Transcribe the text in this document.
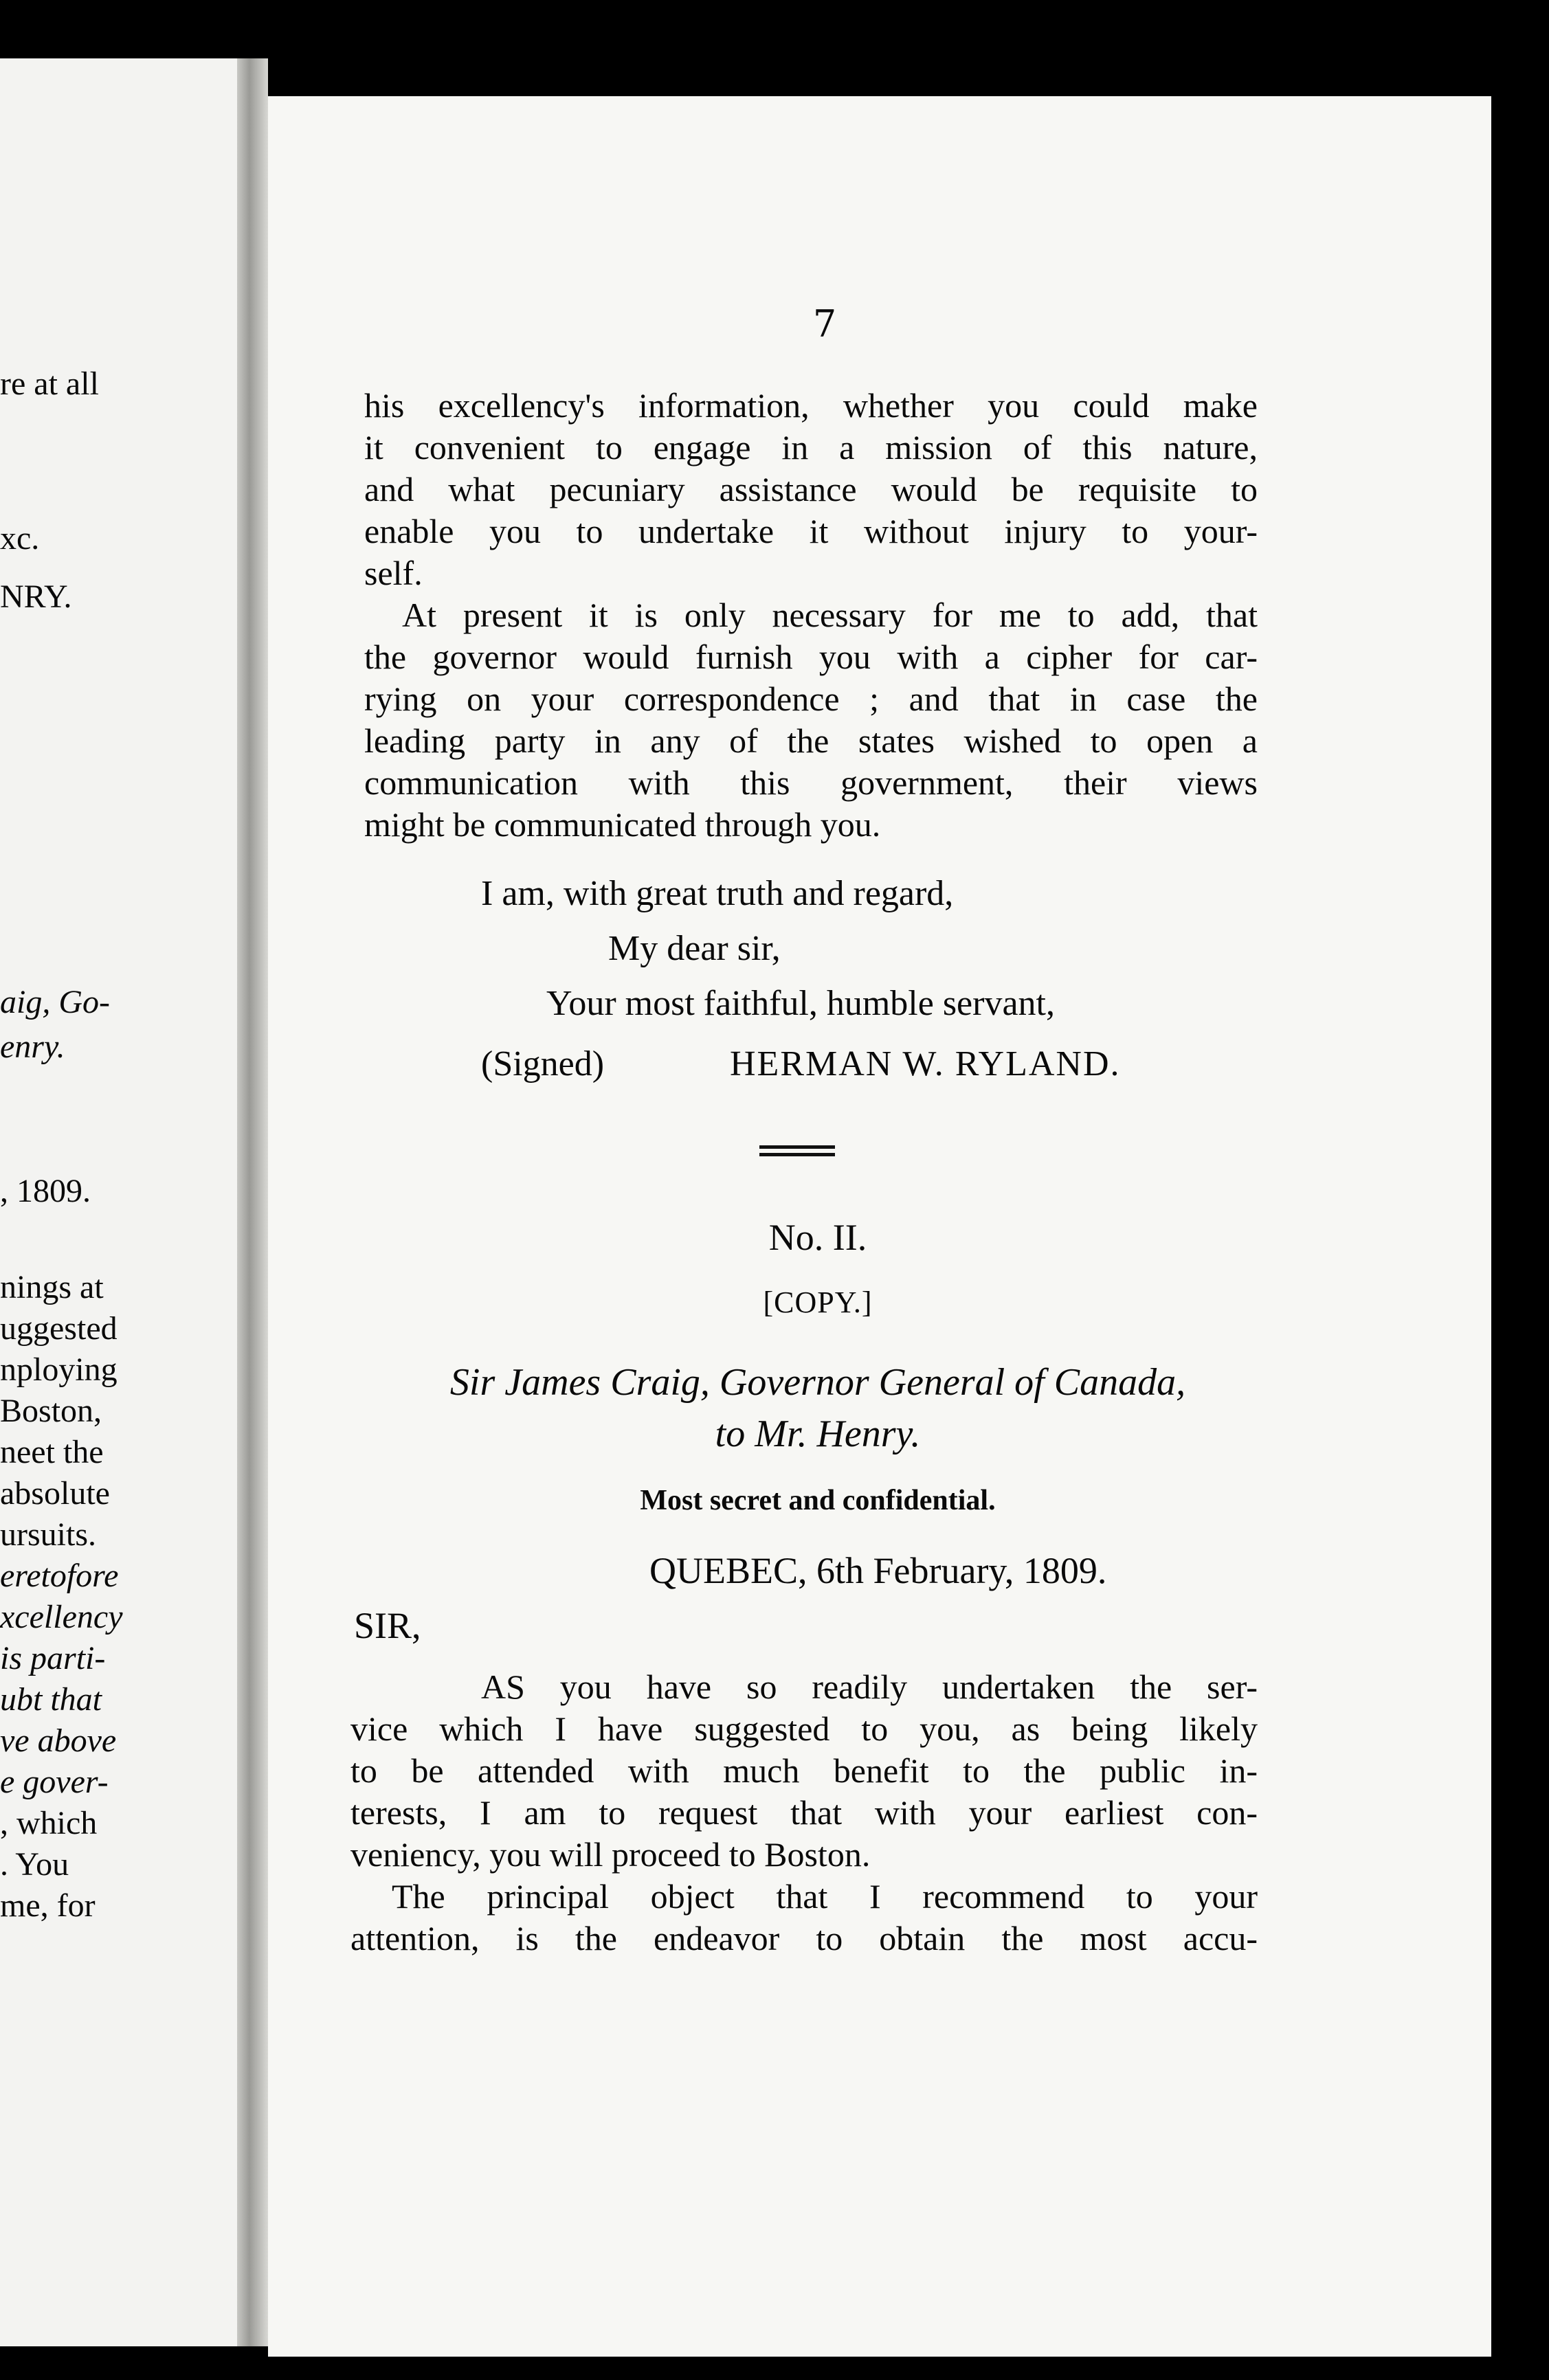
re at all
xc.
NRY.
aig, Go-
enry.
, 1809.
nings at
uggested
nploying
Boston,
neet the
absolute
ursuits.
eretofore
xcellency
is parti-
ubt that
ve above
e gover-
, which
. You
me, for
7
his excellency's information, whether you could make
it convenient to engage in a mission of this nature,
and what pecuniary assistance would be requisite to
enable you to undertake it without injury to your-
self.
At present it is only necessary for me to add, that
the governor would furnish you with a cipher for car-
rying on your correspondence ; and that in case the
leading party in any of the states wished to open a
communication with this government, their views
might be communicated through you.
I am, with great truth and regard,
My dear sir,
Your most faithful, humble servant,
(Signed)	HERMAN W. RYLAND.
No. II.
[COPY.]
Sir James Craig, Governor General of Canada,
to Mr. Henry.
Most secret and confidential.
QUEBEC, 6th February, 1809.
SIR,
AS you have so readily undertaken the ser-
vice which I have suggested to you, as being likely
to be attended with much benefit to the public in-
terests, I am to request that with your earliest con-
veniency, you will proceed to Boston.
The principal object that I recommend to your
attention, is the endeavor to obtain the most accu-
